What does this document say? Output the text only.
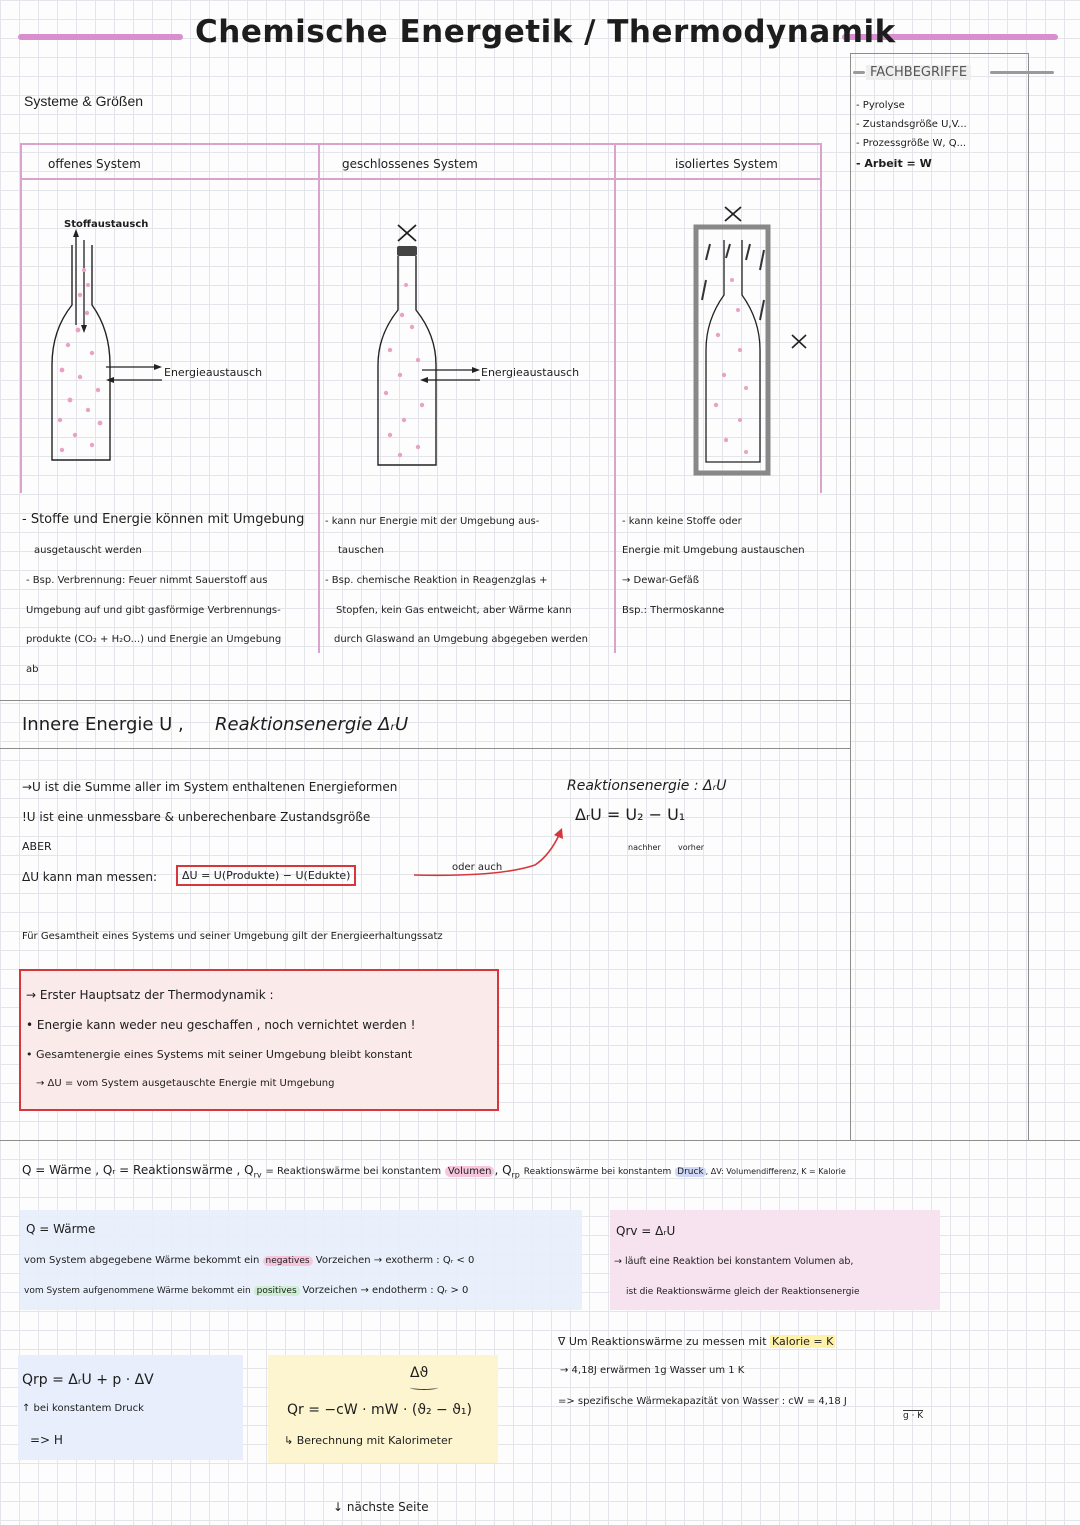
Chemische Energetik / Thermodynamik
FACHBEGRIFFE
- Pyrolyse
- Zustandsgröße U,V...
- Prozessgröße W, Q...
- Arbeit = W
Systeme & Größen
offenes System	geschlossenes System	isoliertes System
Stoffaustausch
Energieaustausch	Energieaustausch
- Stoffe und Energie können mit Umgebung
ausgetauscht werden
- Bsp. Verbrennung: Feuer nimmt Sauerstoff aus
Umgebung auf und gibt gasförmige Verbrennungs-
produkte (CO₂ + H₂O...) und Energie an Umgebung
ab
- kann nur Energie mit der Umgebung aus-
tauschen
- Bsp. chemische Reaktion in Reagenzglas +
Stopfen, kein Gas entweicht, aber Wärme kann
durch Glaswand an Umgebung abgegeben werden
- kann keine Stoffe oder
Energie mit Umgebung austauschen
→ Dewar-Gefäß
Bsp.: Thermoskanne
Innere Energie U , Reaktionsenergie ΔᵣU
→U ist die Summe aller im System enthaltenen Energieformen
!U ist eine unmessbare & unberechenbare Zustandsgröße
ABER
ΔU kann man messen:	ΔU = U(Produkte) − U(Edukte)
oder auch
Reaktionsenergie : ΔᵣU
ΔᵣU = U₂ − U₁
nachher vorher
Für Gesamtheit eines Systems und seiner Umgebung gilt der Energieerhaltungssatz
→ Erster Hauptsatz der Thermodynamik :
• Energie kann weder neu geschaffen , noch vernichtet werden !
• Gesamtenergie eines Systems mit seiner Umgebung bleibt konstant
→ ΔU = vom System ausgetauschte Energie mit Umgebung
Q = Wärme , Qᵣ = Reaktionswärme , $Q_{rv}$ = Reaktionswärme bei konstantem Volumen , $Q_{rp}$ Reaktionswärme bei konstantem Druck , ΔV: Volumendifferenz, K = Kalorie
Q = Wärme
vom System abgegebene Wärme bekommt ein negatives Vorzeichen → exotherm : Qᵣ < 0
vom System aufgenommene Wärme bekommt ein positives Vorzeichen → endotherm : Qᵣ > 0
Qrv = ΔᵣU
→ läuft eine Reaktion bei konstantem Volumen ab,
ist die Reaktionswärme gleich der Reaktionsenergie
Qrp = ΔᵣU + p · ΔV
↑ bei konstantem Druck
=> H
Δϑ
Qr = −cW · mW · (ϑ₂ − ϑ₁)
↳ Berechnung mit Kalorimeter
∇ Um Reaktionswärme zu messen mit Kalorie = K
→ 4,18J erwärmen 1g Wasser um 1 K
=> spezifische Wärmekapazität von Wasser : cW = 4,18 J
g · K
↓ nächste Seite
